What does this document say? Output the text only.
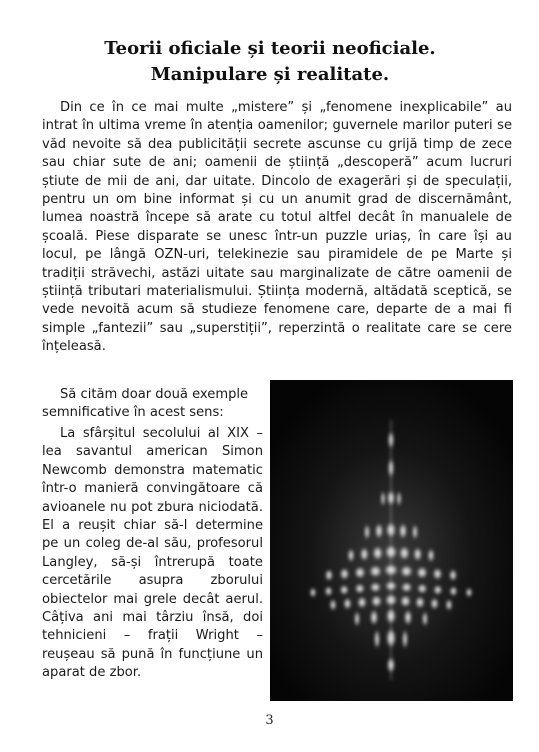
Teorii oficiale și teorii neoficiale.
Manipulare și realitate.

Din ce în ce mai multe „mistere” și „fenomene inexplicabile” au intrat în ultima vreme în atenția oamenilor; guvernele marilor puteri se văd nevoite să dea publicității secrete ascunse cu grijă timp de zece sau chiar sute de ani; oamenii de știință „descoperă” acum lucruri știute de mii de ani, dar uitate. Dincolo de exagerări și de speculații, pentru un om bine informat și cu un anumit grad de discernământ, lumea noastră începe să arate cu totul altfel decât în manualele de școală. Piese disparate se unesc într-un puzzle uriaș, în care își au locul, pe lângă OZN-uri, telekinezie sau piramidele de pe Marte și tradiții străvechi, astăzi uitate sau marginalizate de către oamenii de știință tributari materialismului. Știința modernă, altădată sceptică, se vede nevoită acum să studieze fenomene care, departe de a mai fi simple „fantezii” sau „superstiții”, reperzintă o realitate care se cere înțeleasă.

Să cităm doar două exemple semnificative în acest sens:

La sfârșitul secolului al XIX – lea savantul american Simon Newcomb demonstra matematic într-o manieră convingătoare că avioanele nu pot zbura niciodată. El a reușit chiar să-l determine pe un coleg de-al său, profesorul Langley, să-și întrerupă toate cercetările asupra zborului obiectelor mai grele decât aerul. Câțiva ani mai târziu însă, doi tehnicieni – frații Wright – reușeau să pună în funcțiune un aparat de zbor.

3
